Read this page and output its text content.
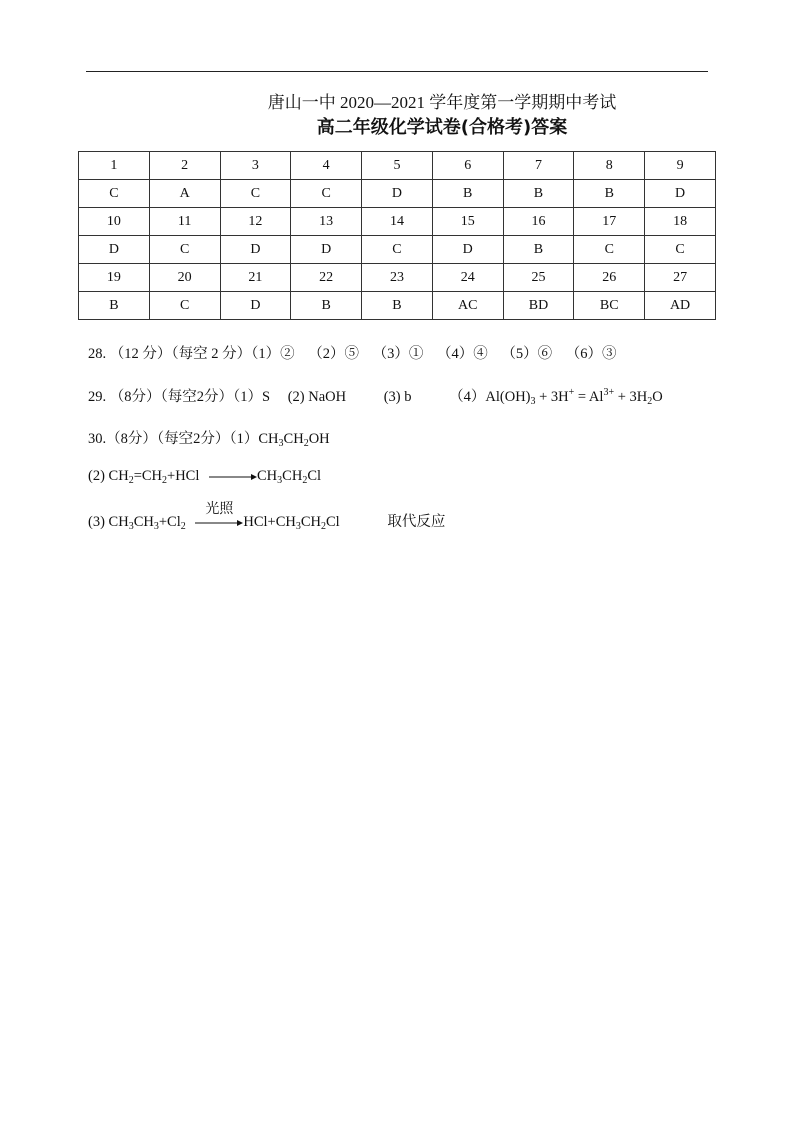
唐山一中 2020—2021 学年度第一学期期中考试
高二年级化学试卷(合格考)答案
1	2	3	4	5	6	7	8	9
C	A	C	C	D	B	B	B	D
10	11	12	13	14	15	16	17	18
D	C	D	D	C	D	B	C	C
19	20	21	22	23	24	25	26	27
B	C	D	B	B	AC	BD	BC	AD
28. （12 分）（每空 2 分）（1）② （2）⑤ （3）① （4）④ （5）⑥ （6）③
29. （8分）（每空2分）（1）S (2) NaOH	(3) b	$(4)Al(OH)_3 + 3H^+ = Al^{3+} + 3H_2O$
30.（8分）（每空2分）$(1)CH_3CH_2OH$
(2) $CH_2=CH_2+HCl \to CH_3CH_2Cl$
(3) $CH_3CH_3+Cl_2$
光照
$HCl+CH_3CH_2Cl$	取代反应
